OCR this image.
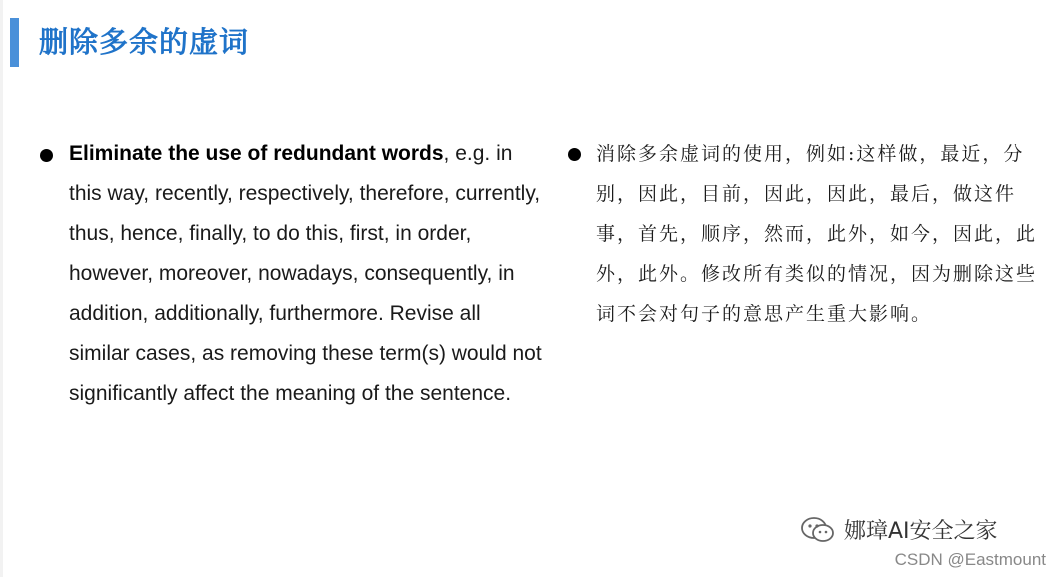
删除多余的虚词
Eliminate the use of redundant words, e.g. in this way, recently, respectively, therefore, currently, thus, hence, finally, to do this, first, in order, however, moreover, nowadays, consequently, in addition, additionally, furthermore. Revise all similar cases, as removing these term(s) would not significantly affect the meaning of the sentence.
消除多余虚词的使用，例如:这样做，最近，分别，因此，目前，因此，因此，最后，做这件事，首先，顺序，然而，此外，如今，因此，此外，此外。修改所有类似的情况，因为删除这些词不会对句子的意思产生重大影响。
娜璋AI安全之家
CSDN @Eastmount
